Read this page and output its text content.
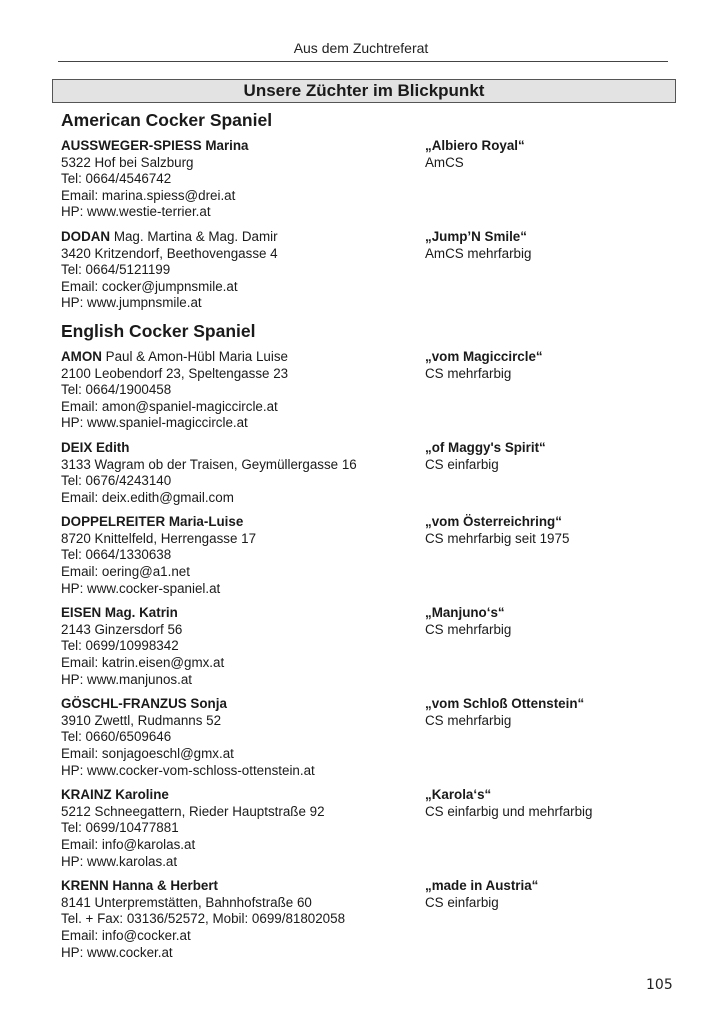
Aus dem Zuchtreferat
Unsere Züchter im Blickpunkt
American Cocker Spaniel
AUSSWEGER-SPIESS Marina
5322 Hof bei Salzburg
Tel: 0664/4546742
Email: marina.spiess@drei.at
HP: www.westie-terrier.at
„Albiero Royal“
AmCS
DODAN Mag. Martina & Mag. Damir
3420 Kritzendorf, Beethovengasse 4
Tel: 0664/5121199
Email: cocker@jumpnsmile.at
HP: www.jumpnsmile.at
„Jump’N Smile“
AmCS mehrfarbig
English Cocker Spaniel
AMON Paul & Amon-Hübl Maria Luise
2100 Leobendorf 23, Speltengasse 23
Tel: 0664/1900458
Email: amon@spaniel-magiccircle.at
HP: www.spaniel-magiccircle.at
„vom Magiccircle“
CS mehrfarbig
DEIX Edith
3133 Wagram ob der Traisen, Geymüllergasse 16
Tel: 0676/4243140
Email: deix.edith@gmail.com
„of Maggy's Spirit“
CS einfarbig
DOPPELREITER Maria-Luise
8720 Knittelfeld, Herrengasse 17
Tel: 0664/1330638
Email: oering@a1.net
HP: www.cocker-spaniel.at
„vom Österreichring“
CS mehrfarbig seit 1975
EISEN Mag. Katrin
2143 Ginzersdorf 56
Tel: 0699/10998342
Email: katrin.eisen@gmx.at
HP: www.manjunos.at
„Manjuno‘s“
CS mehrfarbig
GÖSCHL-FRANZUS Sonja
3910 Zwettl, Rudmanns 52
Tel: 0660/6509646
Email: sonjagoeschl@gmx.at
HP: www.cocker-vom-schloss-ottenstein.at
„vom Schloß Ottenstein“
CS mehrfarbig
KRAINZ Karoline
5212 Schneegattern, Rieder Hauptstraße 92
Tel: 0699/10477881
Email: info@karolas.at
HP: www.karolas.at
„Karola‘s“
CS einfarbig und mehrfarbig
KRENN Hanna & Herbert
8141 Unterpremstätten, Bahnhofstraße 60
Tel. + Fax: 03136/52572, Mobil: 0699/81802058
Email: info@cocker.at
HP: www.cocker.at
„made in Austria“
CS einfarbig
105
